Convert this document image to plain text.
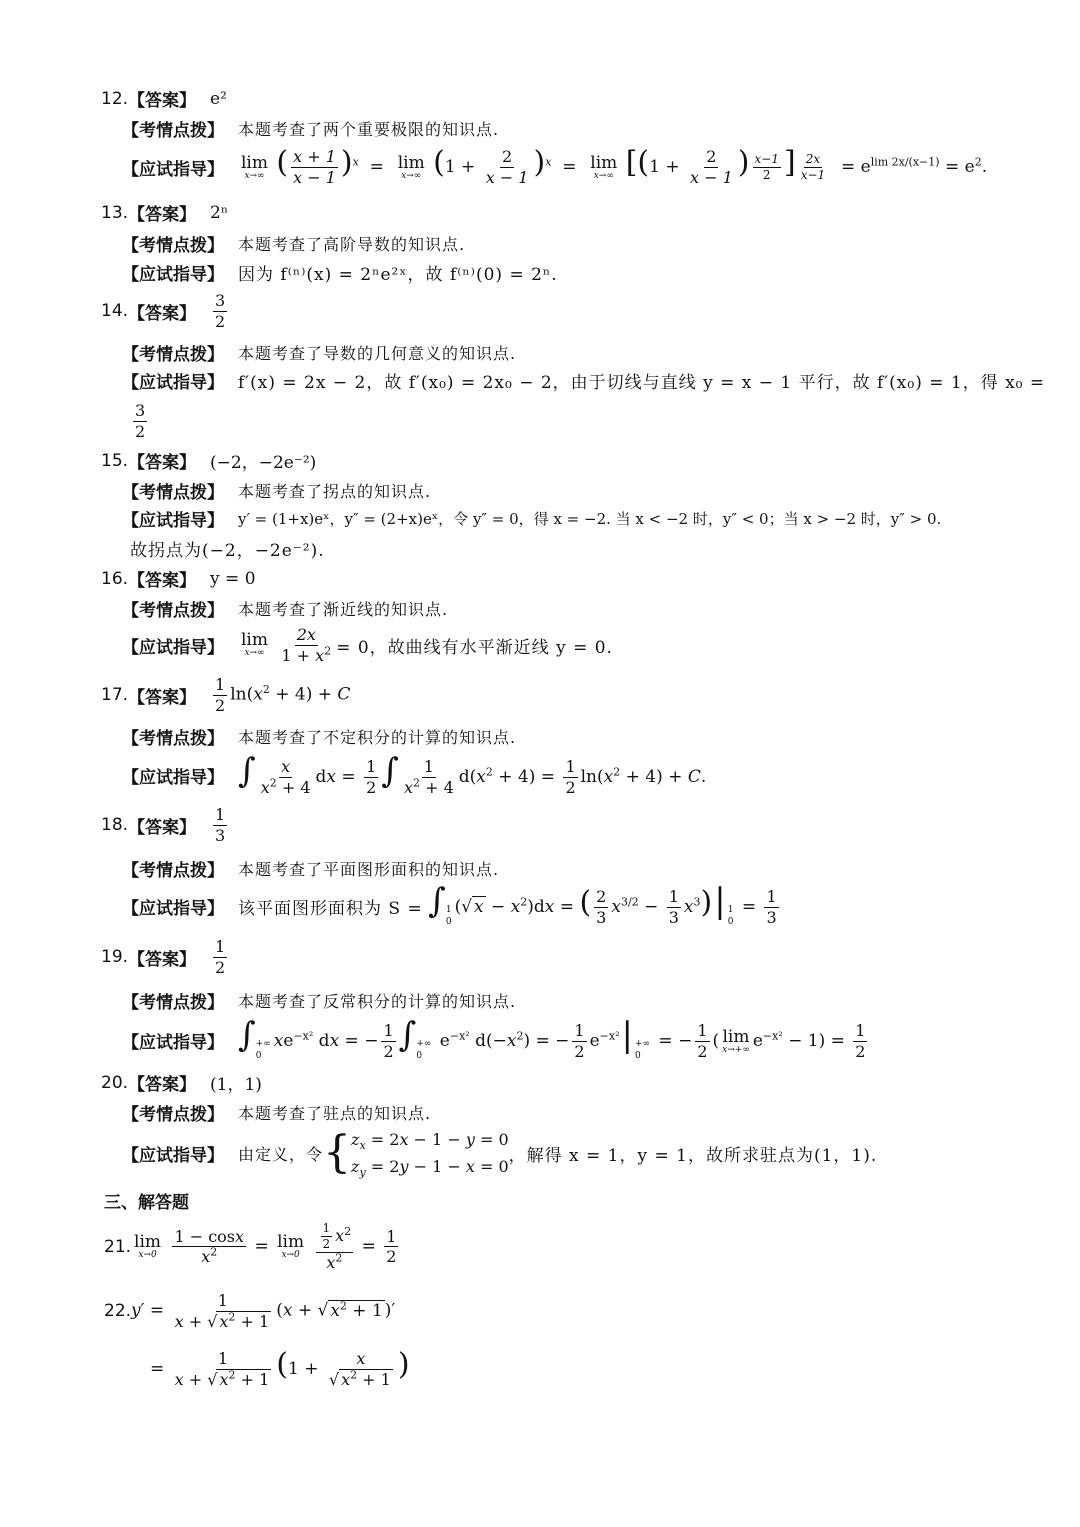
12. 【答案】 e²
【考情点拨】 本题考查了两个重要极限的知识点.
【应试指导】 lim
x→∞ ( $\frac{x + 1}{x - 1} )^x = \lim$
x→∞ $(1 + \frac{2}{x - 1} )^x = \lim$
x→∞ [($1 + \frac{2}{x - 1}$ ) $\frac{x-1}{2}$ ] $\frac{2x}{x-1} = e^{lim 2x/(x-1)} = e^2$.
13. 【答案】 2ⁿ
【考情点拨】 本题考查了高阶导数的知识点.
【应试指导】 因为 f⁽ⁿ⁾(x) = 2ⁿe²ˣ，故 f⁽ⁿ⁾(0) = 2ⁿ.
14. 【答案】 $\frac{3}{2}$
【考情点拨】 本题考查了导数的几何意义的知识点.
【应试指导】 f′(x) = 2x − 2，故 f′(x₀) = 2x₀ − 2，由于切线与直线 y = x − 1 平行，故 f′(x₀) = 1，得 x₀ =
$\frac{3}{2}$
15. 【答案】 (−2，−2e⁻²)
【考情点拨】 本题考查了拐点的知识点.
【应试指导】 y′ = (1+x)eˣ，y″ = (2+x)eˣ，令 y″ = 0，得 x = −2. 当 x < −2 时，y″ < 0；当 x > −2 时，y″ > 0.
故拐点为(−2，−2e⁻²).
16. 【答案】 y = 0
【考情点拨】 本题考查了渐近线的知识点.
【应试指导】 lim
x→∞
$\frac{2x}{1 + x^2} = 0$，故曲线有水平渐近线 y = 0.
17. 【答案】 $\frac{1}{2} \ln(x^2 + 4) + C$
【考情点拨】 本题考查了不定积分的计算的知识点.
【应试指导】 ∫ $\frac{x}{x^2 + 4}$ dx = $\frac{1}{2}$ ∫ $\frac{1}{x^2 + 4} d(x^2 + 4) = \frac{1}{2} \ln(x^2 + 4) + C$.
18. 【答案】 $\frac{1}{3}$
【考情点拨】 本题考查了平面图形面积的知识点.
【应试指导】 该平面图形面积为 S = ∫ 1
0
(√ $x - x^2)dx$ = ( $\frac{2}{3} x^{3/2} - \frac{1}{3} x^3)|$ 1
0
= $\frac{1}{3}$
19. 【答案】 $\frac{1}{2}$
【考情点拨】 本题考查了反常积分的计算的知识点.
【应试指导】 ∫ +∞
0
$xe^{-x^2}$ dx = − $\frac{1}{2}$ ∫ +∞
0
$e^{-x^2}$ $d(-x^2)$ = − $\frac{1}{2} e^{-x^2}|$ +∞
0
= − $\frac{1}{2}$ ( lim
x→+∞ $e^{-x^2} - 1) = \frac{1}{2}$
20. 【答案】 (1，1)
【考情点拨】 本题考查了驻点的知识点.
【应试指导】 由定义，令 { $z_x = 2x - 1 - y = 0$
$z_y = 2y - 1 - x = 0$
，解得 x = 1，y = 1，故所求驻点为(1，1).
三、解答题
21. lim
x→0
$\frac{1 - \cos x}{x^2} = \lim$
x→0
$\frac{\frac{1}{2} x^2}{x^2} = \frac{1}{2}$
22. $y' = \frac{1}{x + √ x^2 + 1} (x$ + √ $x^2 + 1$ )′
= $\frac{1}{x + √ x^2 + 1} (1 + \frac{x}{√ x^2 + 1}$ )
